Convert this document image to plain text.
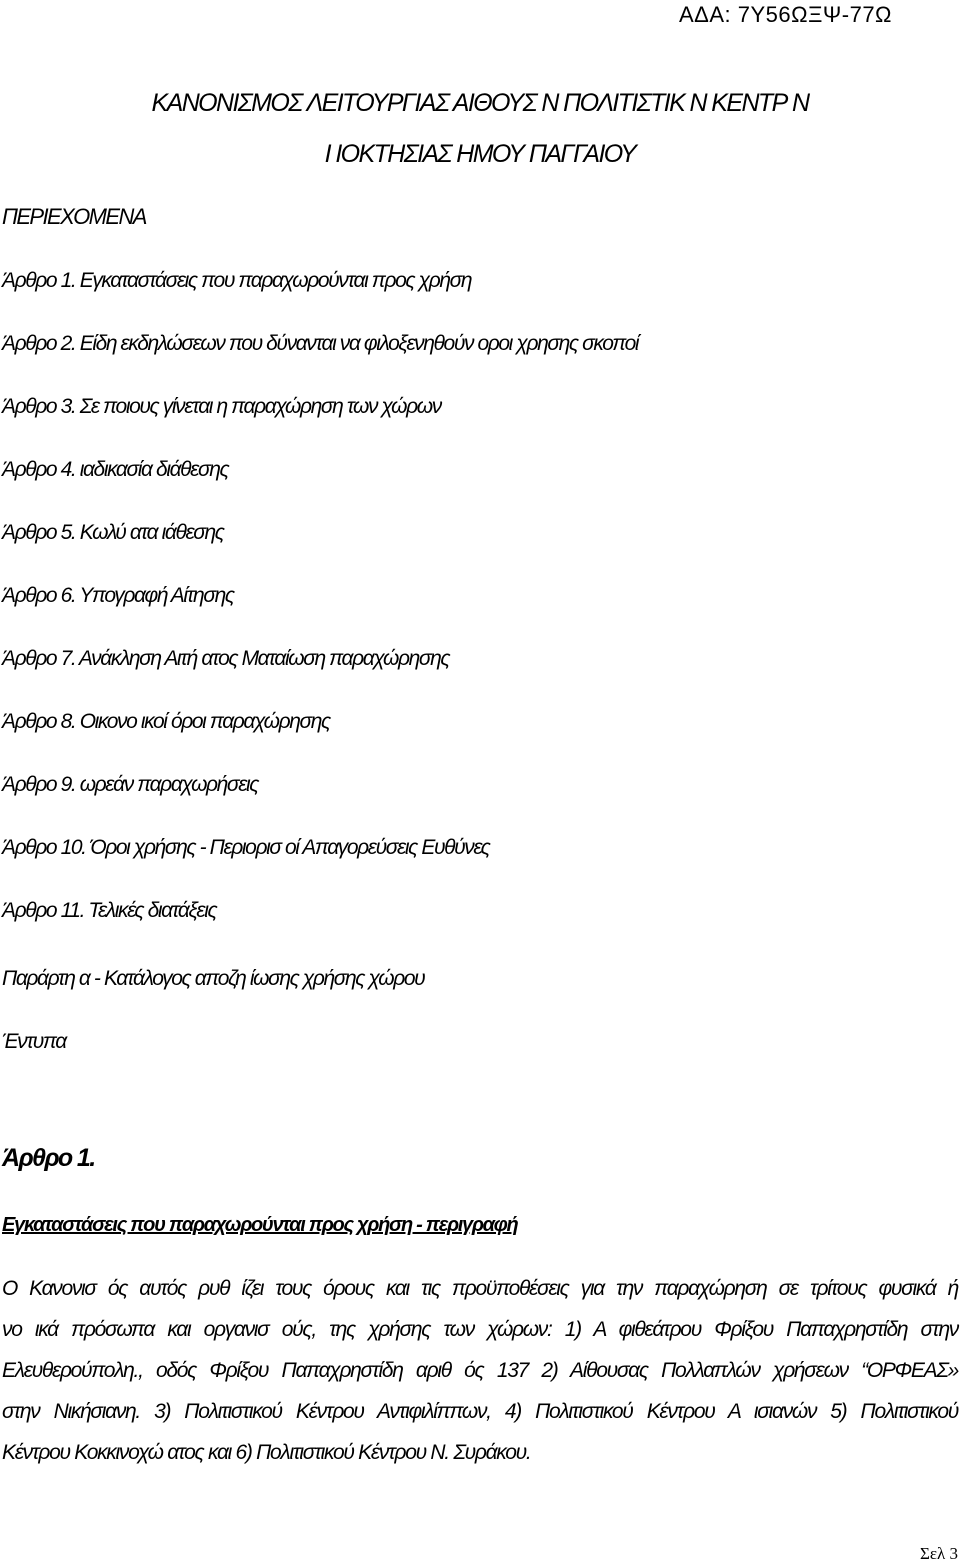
ΑΔΑ: 7Υ56ΩΞΨ-77Ω
ΚΑΝΟΝΙΣΜΟΣ ΛΕΙΤΟΥΡΓΙΑΣ ΑΙΘΟΥΣ Ν ΠΟΛΙΤΙΣΤΙΚ Ν ΚΕΝΤΡ Ν
Ι ΙΟΚΤΗΣΙΑΣ ΗΜΟΥ ΠΑΓΓΑΙΟΥ
ΠΕΡΙΕΧΟΜΕΝΑ
Άρθρο 1. Εγκαταστάσεις που παραχωρούνται προς χρήση
Άρθρο 2. Είδη εκδηλώσεων που δύνανται να φιλοξενηθούν οροι χρησης σκοποί
Άρθρο 3. Σε ποιους γίνεται η παραχώρηση των χώρων
Άρθρο 4. ιαδικασία διάθεσης
Άρθρο 5. Κωλύ ατα ιάθεσης
Άρθρο 6. Υπογραφή Αίτησης
Άρθρο 7. Ανάκληση Αιτή ατος Ματαίωση παραχώρησης
Άρθρο 8. Οικονο ικοί όροι παραχώρησης
Άρθρο 9. ωρεάν παραχωρήσεις
Άρθρο 10. Όροι χρήσης - Περιορισ οί Απαγορεύσεις Ευθύνες
Άρθρο 11. Τελικές διατάξεις
Παράρτη α - Κατάλογος αποζη ίωσης χρήσης χώρου
Έντυπα
Άρθρο 1.
Εγκαταστάσεις που παραχωρούνται προς χρήση - περιγραφή
Ο Κανονισ ός αυτός ρυθ ίζει τους όρους και τις προϋποθέσεις για την παραχώρηση σε τρίτους φυσικά ή
νο ικά πρόσωπα και οργανισ ούς, της χρήσης των χώρων: 1) Α φιθεάτρου Φρίξου Παπαχρηστίδη στην
Ελευθερούπολη., οδός Φρίξου Παπαχρηστίδη αριθ ός 137 2) Αίθουσας Πολλαπλών χρήσεων “ΟΡΦΕΑΣ»
στην Νικήσιανη. 3) Πολιτιστικού Κέντρου Αντιφιλίππων, 4) Πολιτιστικού Κέντρου Α ισιανών 5) Πολιτιστικού
Κέντρου Κοκκινοχώ ατος και 6) Πολιτιστικού Κέντρου Ν. Συράκου.
Σελ 3
